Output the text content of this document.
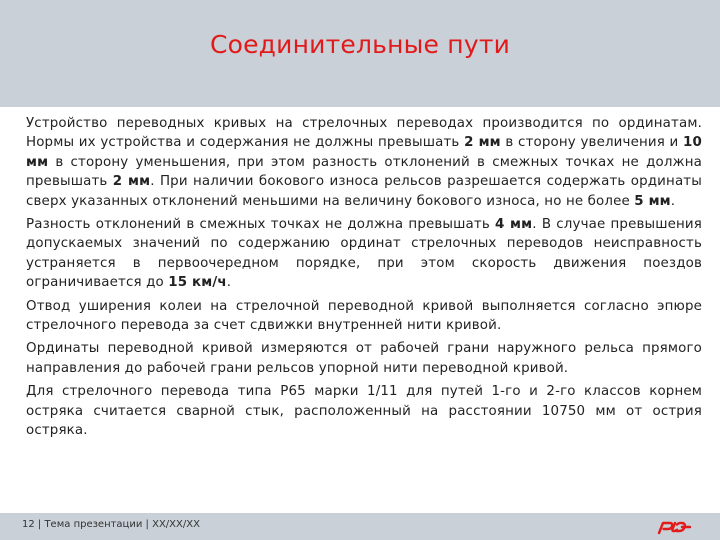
Соединительные пути

Устройство переводных кривых на стрелочных переводах производится по ординатам. Нормы их устройства и содержания не должны превышать 2 мм в сторону увеличения и 10 мм в сторону уменьшения, при этом разность отклонений в смежных точках не должна превышать 2 мм. При наличии бокового износа рельсов разрешается содержать ординаты сверх указанных отклонений меньшими на величину бокового износа, но не более 5 мм.

Разность отклонений в смежных точках не должна превышать 4 мм. В случае превышения допускаемых значений по содержанию ординат стрелочных переводов неисправность устраняется в первоочередном порядке, при этом скорость движения поездов ограничивается до 15 км/ч.

Отвод уширения колеи на стрелочной переводной кривой выполняется согласно эпюре стрелочного перевода за счет сдвижки внутренней нити кривой.

Ординаты переводной кривой измеряются от рабочей грани наружного рельса прямого направления до рабочей грани рельсов упорной нити переводной кривой.

Для стрелочного перевода типа Р65 марки 1/11 для путей 1-го и 2-го классов корнем остряка считается сварной стык, расположенный на расстоянии 10750 мм от острия остряка.

12 | Тема презентации | XX/XX/XX
